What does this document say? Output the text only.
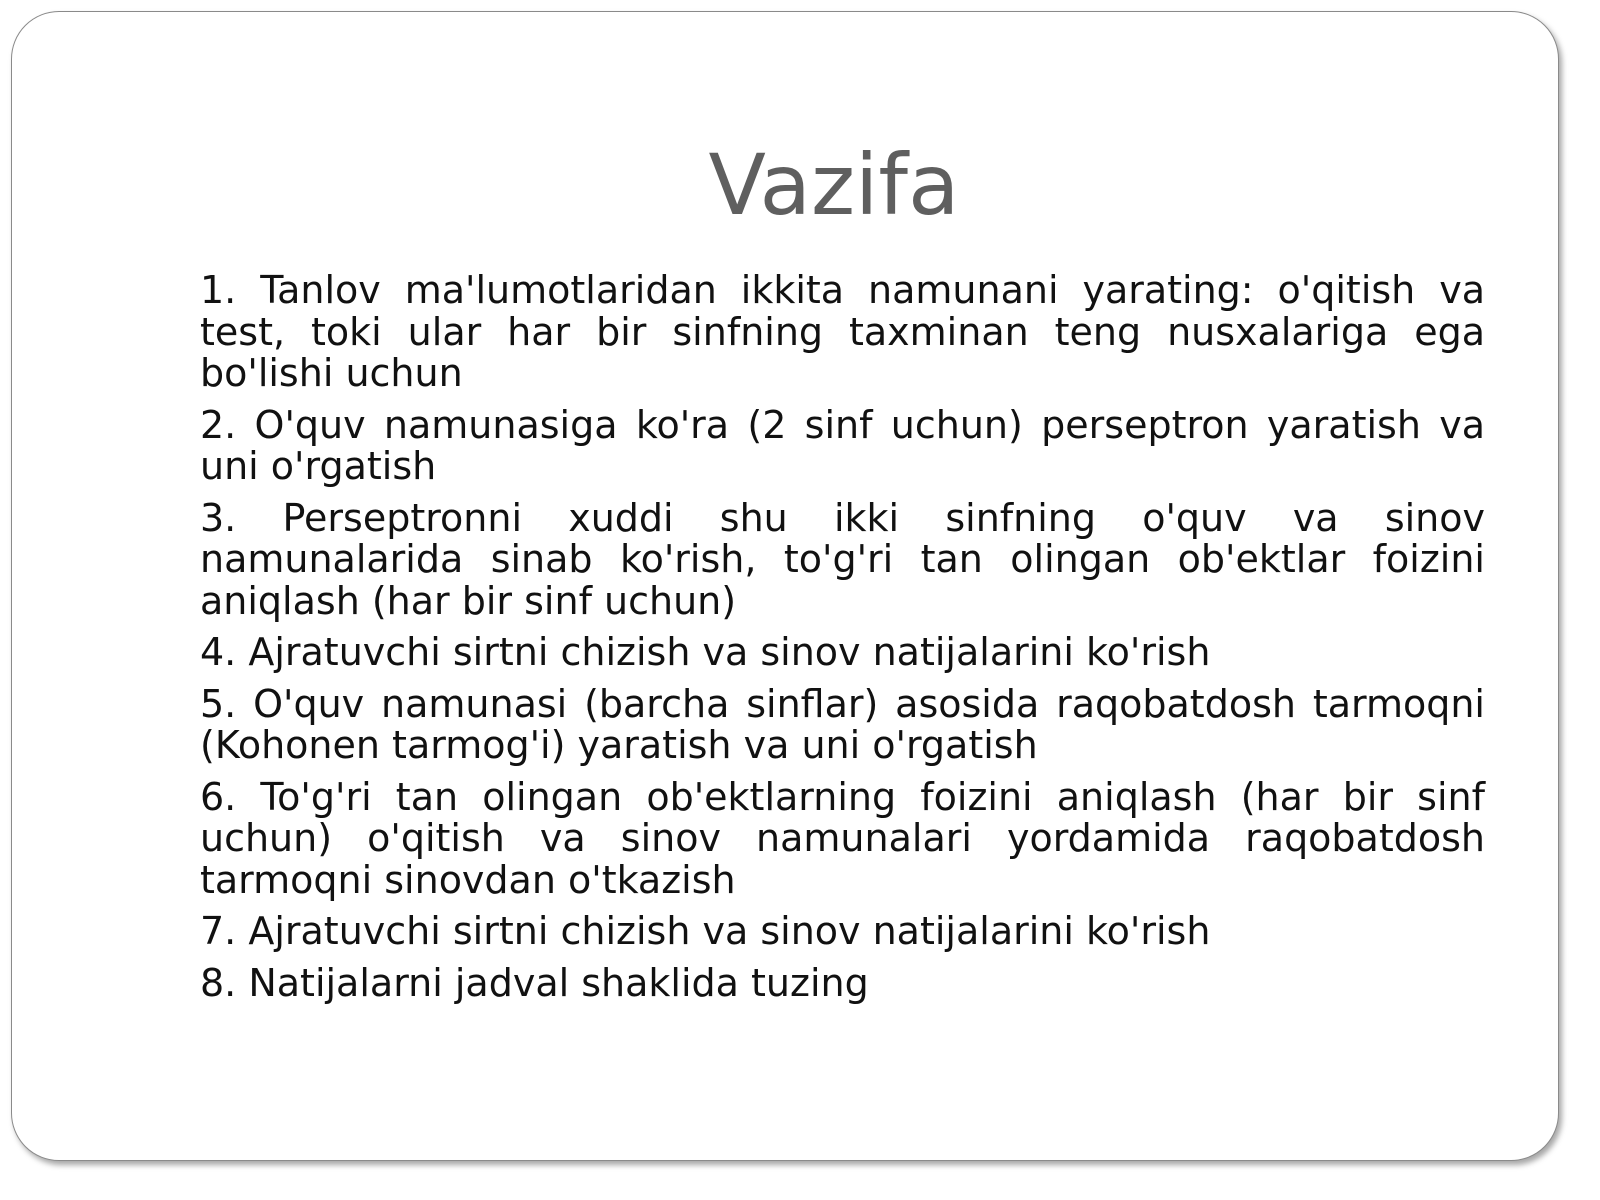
Vazifa
1. Tanlov ma'lumotlaridan ikkita namunani yarating: o'qitish va test, toki ular har bir sinfning taxminan teng nusxalariga ega bo'lishi uchun
2. O'quv namunasiga ko'ra (2 sinf uchun) perseptron yaratish va uni o'rgatish
3. Perseptronni xuddi shu ikki sinfning o'quv va sinov namunalarida sinab ko'rish, to'g'ri tan olingan ob'ektlar foizini aniqlash (har bir sinf uchun)
4. Ajratuvchi sirtni chizish va sinov natijalarini ko'rish
5. O'quv namunasi (barcha sinflar) asosida raqobatdosh tarmoqni (Kohonen tarmog'i) yaratish va uni o'rgatish
6. To'g'ri tan olingan ob'ektlarning foizini aniqlash (har bir sinf uchun) o'qitish va sinov namunalari yordamida raqobatdosh tarmoqni sinovdan o'tkazish
7. Ajratuvchi sirtni chizish va sinov natijalarini ko'rish
8. Natijalarni jadval shaklida tuzing
